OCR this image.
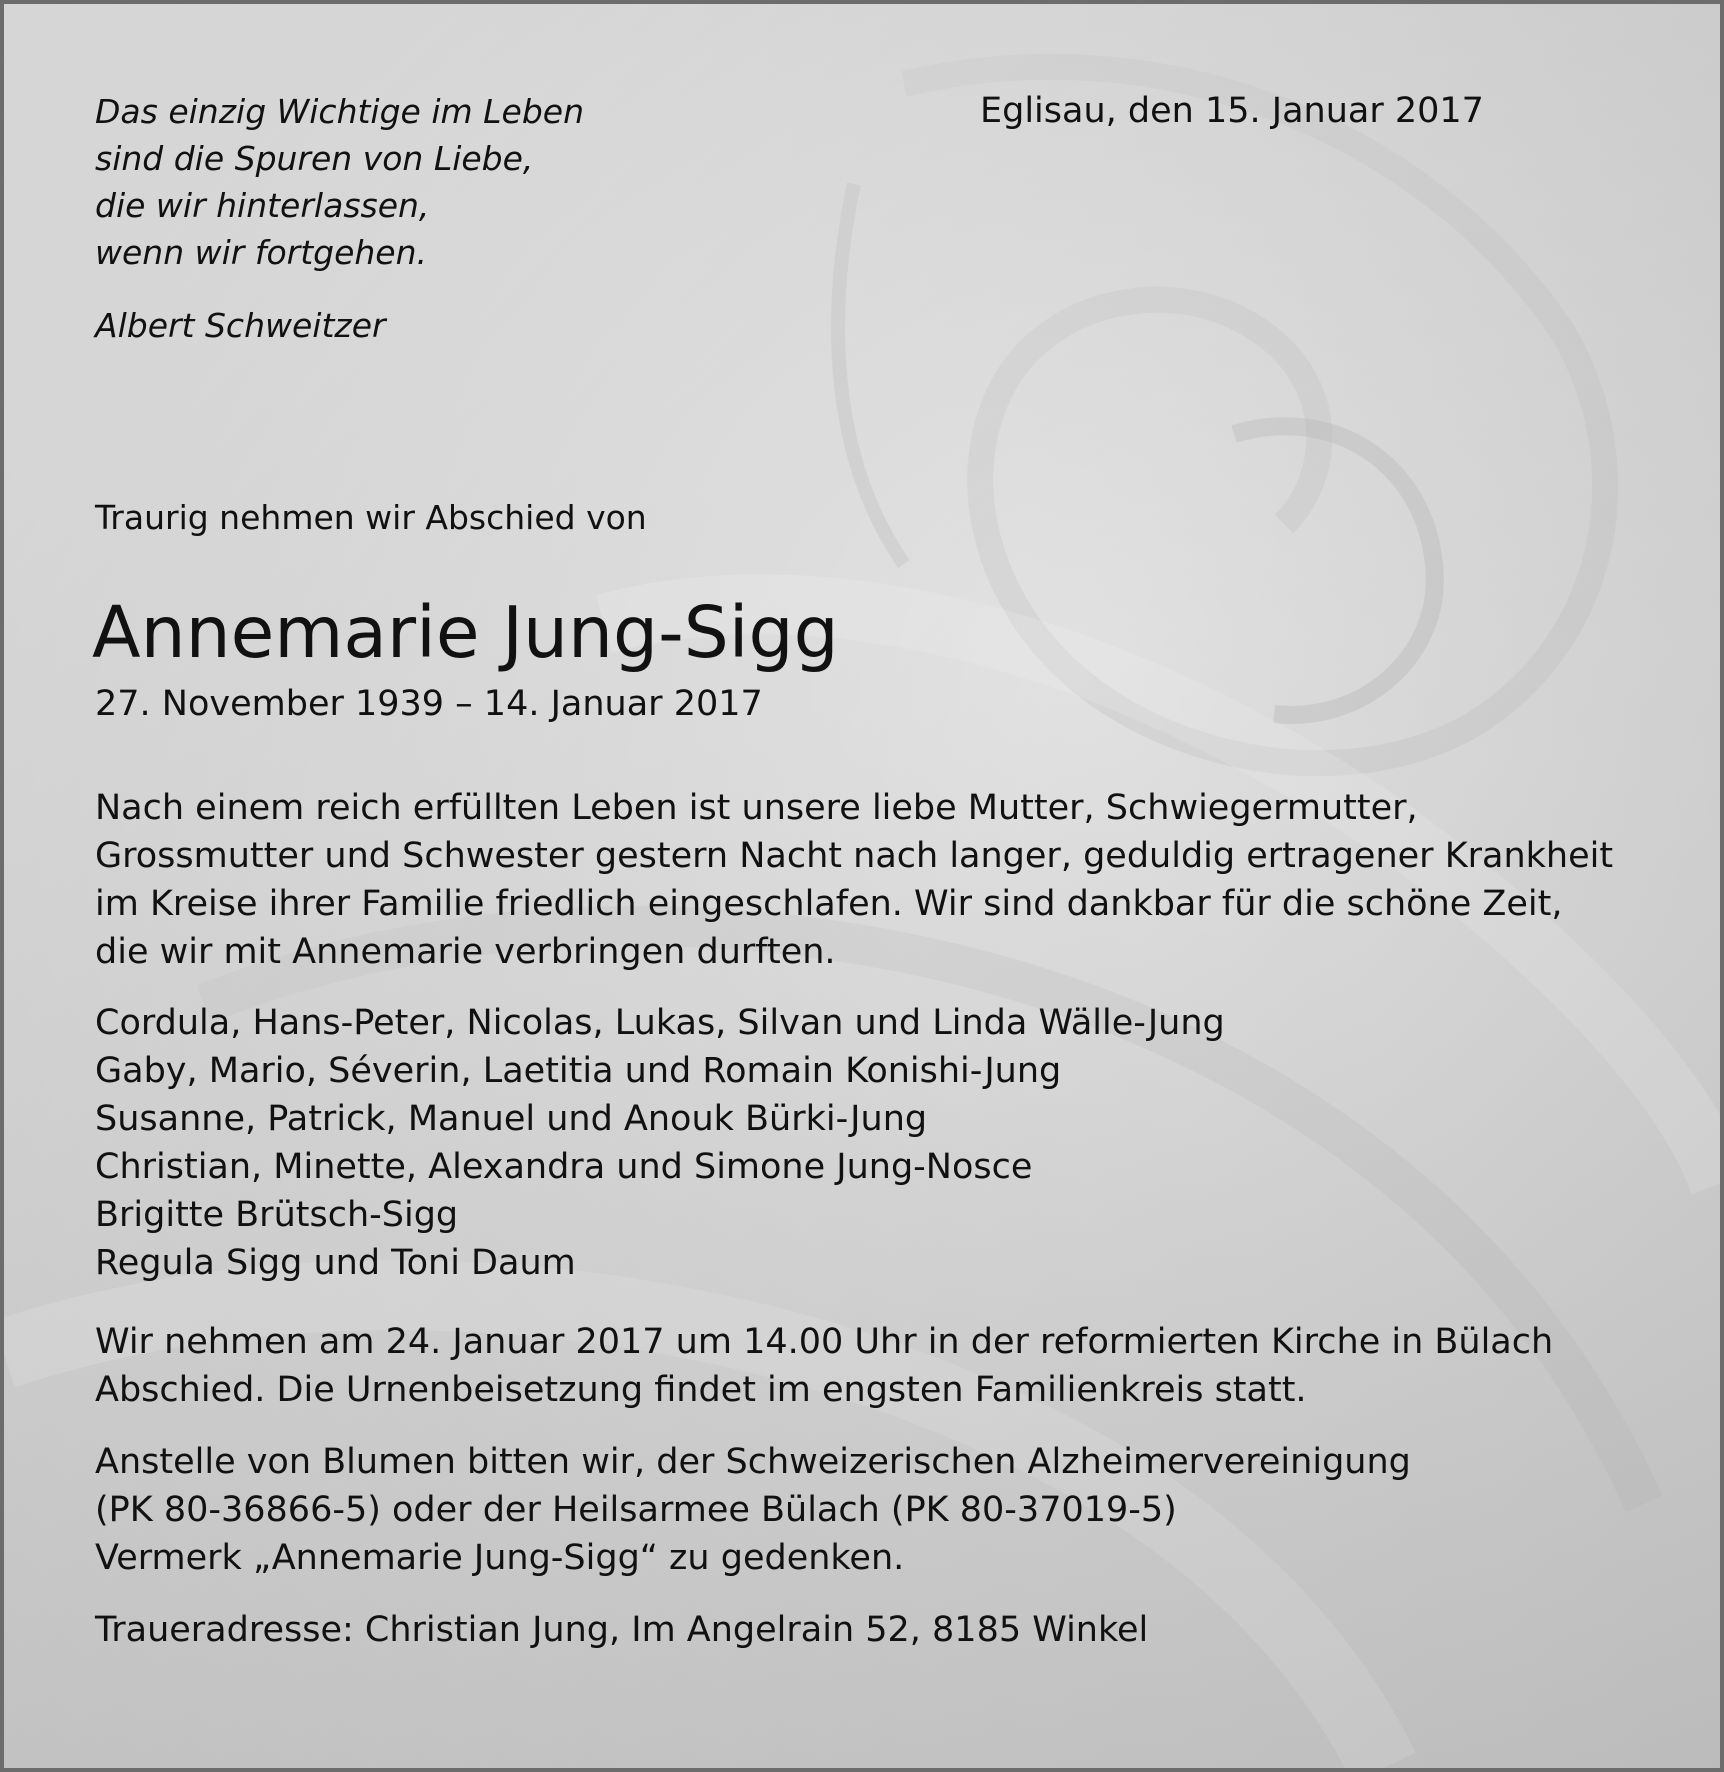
Das einzig Wichtige im Leben
sind die Spuren von Liebe,
die wir hinterlassen,
wenn wir fortgehen.
Albert Schweitzer
Eglisau, den 15. Januar 2017
Traurig nehmen wir Abschied von
Annemarie Jung-Sigg
27. November 1939 – 14. Januar 2017
Nach einem reich erfüllten Leben ist unsere liebe Mutter, Schwiegermutter,
Grossmutter und Schwester gestern Nacht nach langer, geduldig ertragener Krankheit
im Kreise ihrer Familie friedlich eingeschlafen. Wir sind dankbar für die schöne Zeit,
die wir mit Annemarie verbringen durften.
Cordula, Hans-Peter, Nicolas, Lukas, Silvan und Linda Wälle-Jung
Gaby, Mario, Séverin, Laetitia und Romain Konishi-Jung
Susanne, Patrick, Manuel und Anouk Bürki-Jung
Christian, Minette, Alexandra und Simone Jung-Nosce
Brigitte Brütsch-Sigg
Regula Sigg und Toni Daum
Wir nehmen am 24. Januar 2017 um 14.00 Uhr in der reformierten Kirche in Bülach
Abschied. Die Urnenbeisetzung findet im engsten Familienkreis statt.
Anstelle von Blumen bitten wir, der Schweizerischen Alzheimervereinigung
(PK 80-36866-5) oder der Heilsarmee Bülach (PK 80-37019-5)
Vermerk „Annemarie Jung-Sigg“ zu gedenken.
Traueradresse: Christian Jung, Im Angelrain 52, 8185 Winkel
